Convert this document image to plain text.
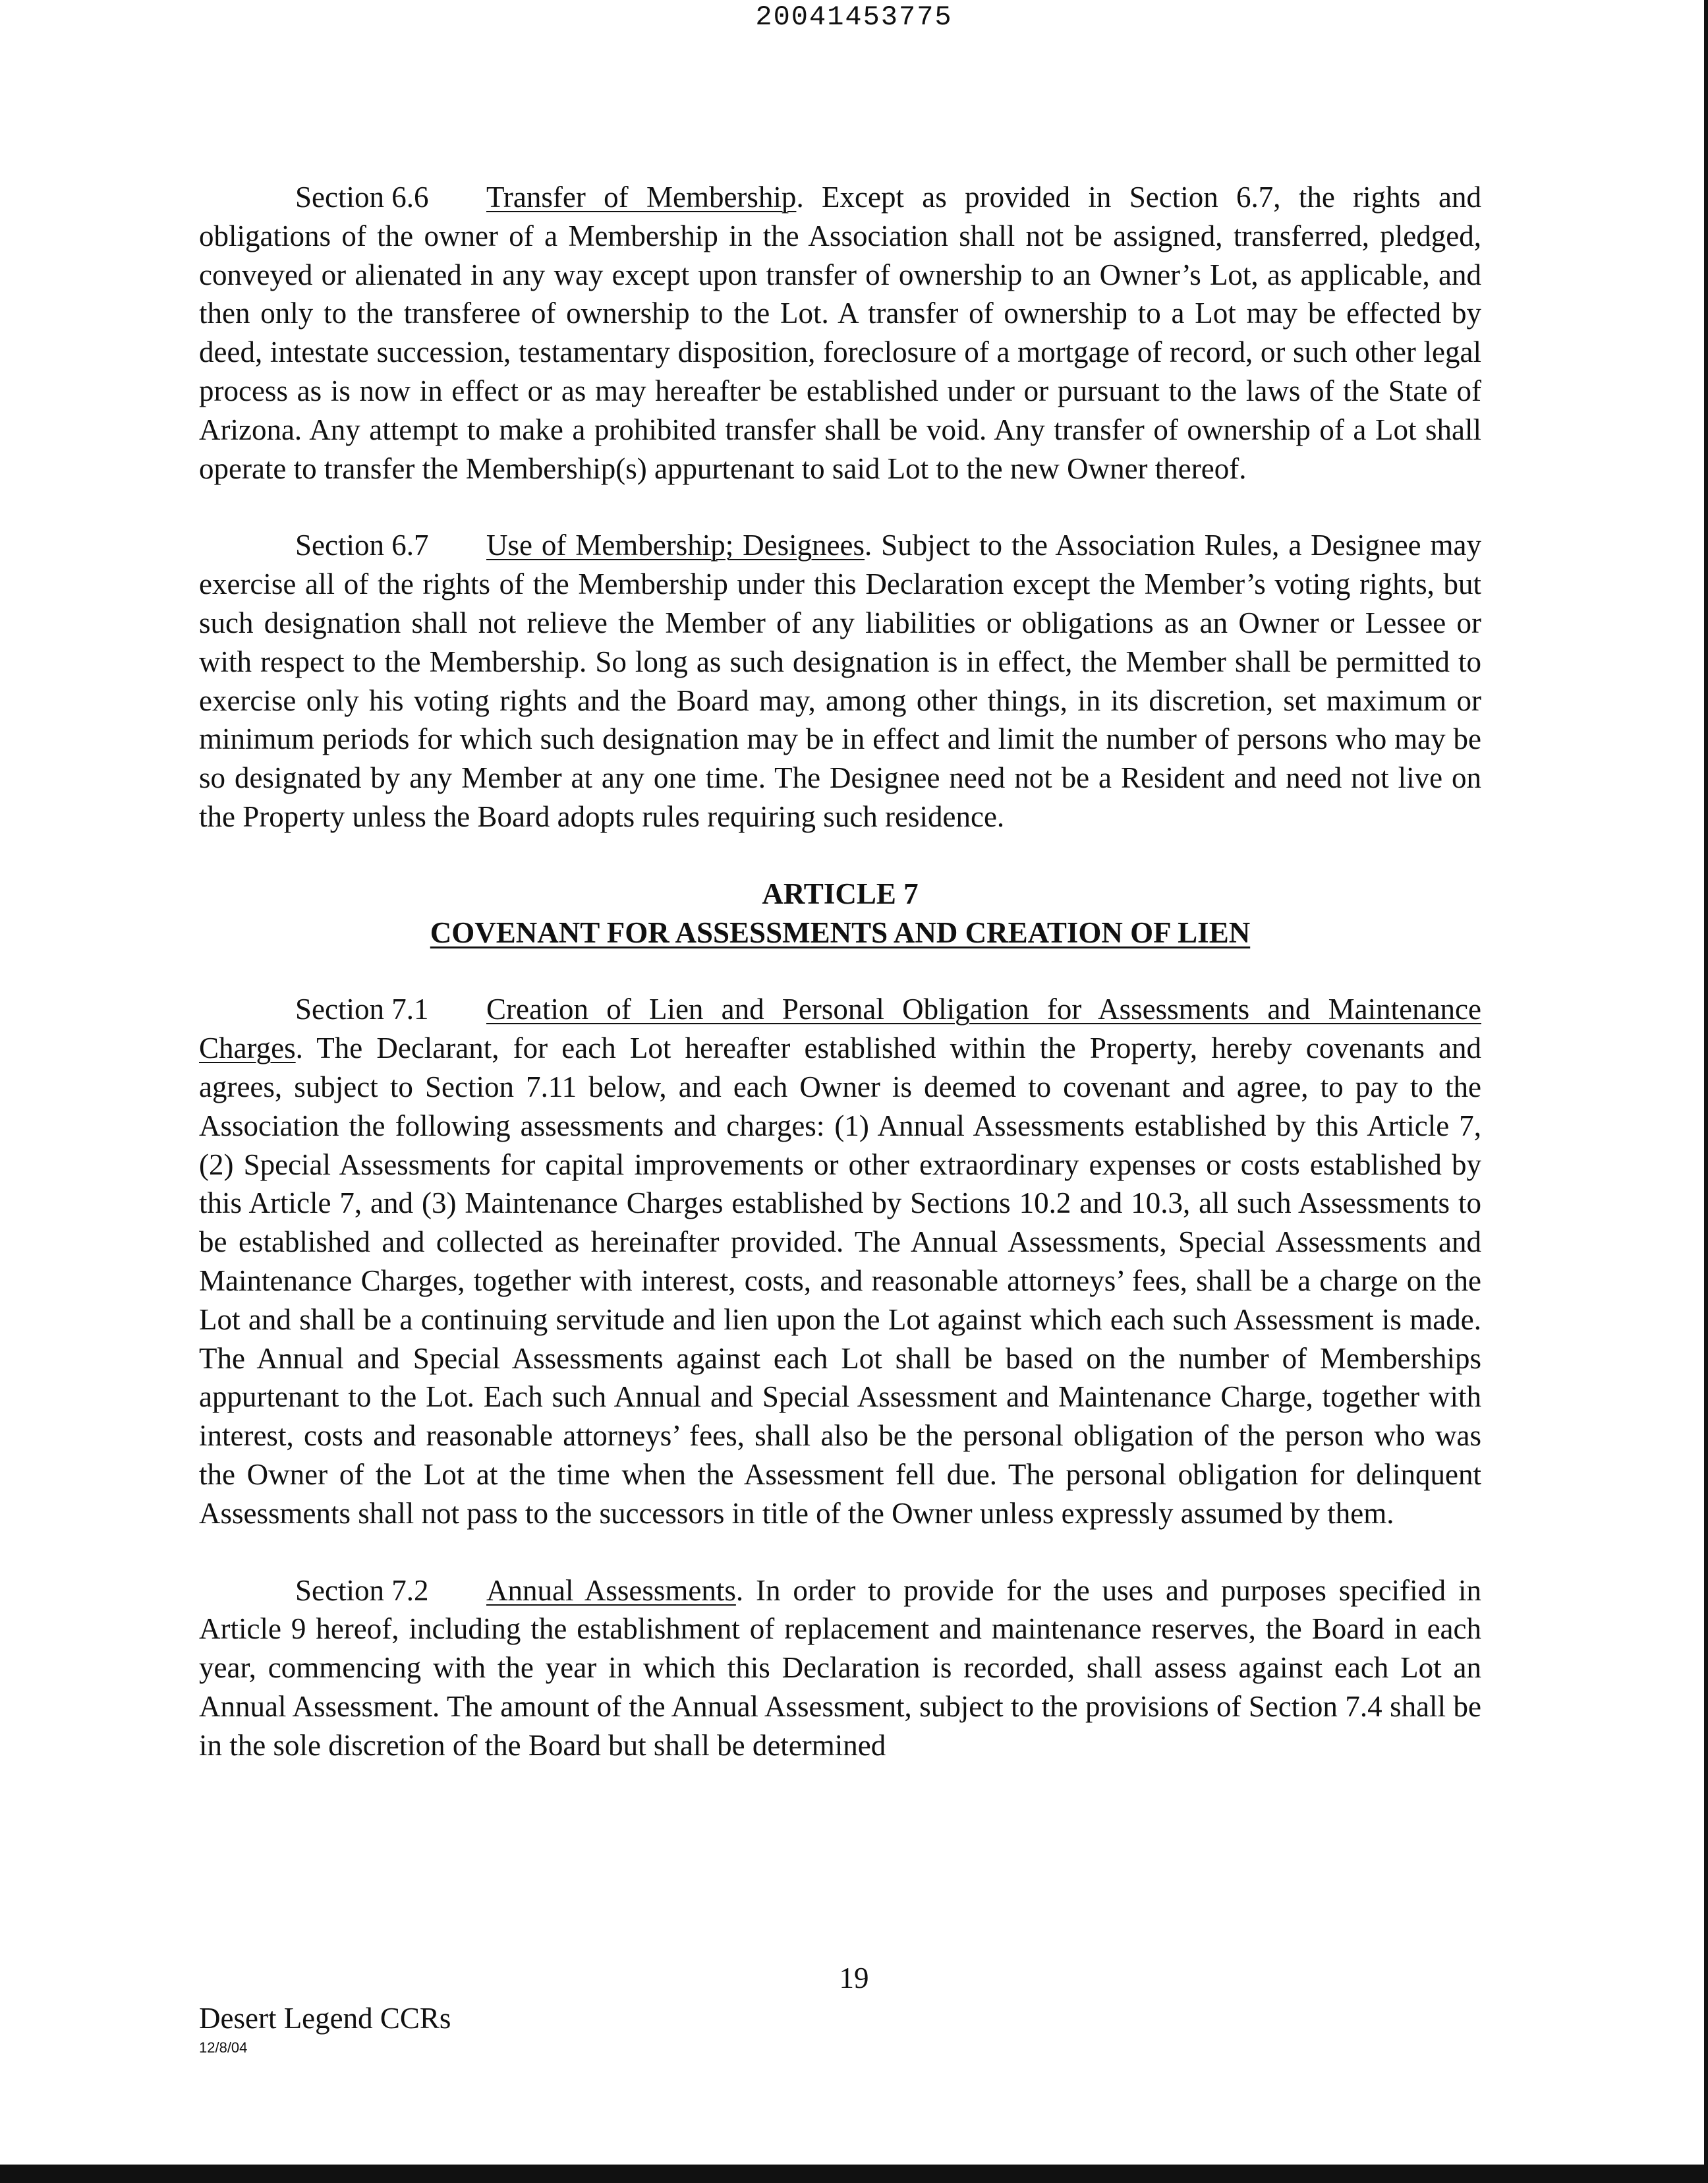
20041453775

Section 6.6 Transfer of Membership. Except as provided in Section 6.7, the rights and obligations of the owner of a Membership in the Association shall not be assigned, transferred, pledged, conveyed or alienated in any way except upon transfer of ownership to an Owner’s Lot, as applicable, and then only to the transferee of ownership to the Lot. A transfer of ownership to a Lot may be effected by deed, intestate succession, testamentary disposition, foreclosure of a mortgage of record, or such other legal process as is now in effect or as may hereafter be established under or pursuant to the laws of the State of Arizona. Any attempt to make a prohibited transfer shall be void. Any transfer of ownership of a Lot shall operate to transfer the Membership(s) appurtenant to said Lot to the new Owner thereof.

Section 6.7 Use of Membership; Designees. Subject to the Association Rules, a Designee may exercise all of the rights of the Membership under this Declaration except the Member’s voting rights, but such designation shall not relieve the Member of any liabilities or obligations as an Owner or Lessee or with respect to the Membership. So long as such designation is in effect, the Member shall be permitted to exercise only his voting rights and the Board may, among other things, in its discretion, set maximum or minimum periods for which such designation may be in effect and limit the number of persons who may be so designated by any Member at any one time. The Designee need not be a Resident and need not live on the Property unless the Board adopts rules requiring such residence.

ARTICLE 7
COVENANT FOR ASSESSMENTS AND CREATION OF LIEN

Section 7.1 Creation of Lien and Personal Obligation for Assessments and Maintenance Charges. The Declarant, for each Lot hereafter established within the Property, hereby covenants and agrees, subject to Section 7.11 below, and each Owner is deemed to covenant and agree, to pay to the Association the following assessments and charges: (1) Annual Assessments established by this Article 7, (2) Special Assessments for capital improvements or other extraordinary expenses or costs established by this Article 7, and (3) Maintenance Charges established by Sections 10.2 and 10.3, all such Assessments to be established and collected as hereinafter provided. The Annual Assessments, Special Assessments and Maintenance Charges, together with interest, costs, and reasonable attorneys’ fees, shall be a charge on the Lot and shall be a continuing servitude and lien upon the Lot against which each such Assessment is made. The Annual and Special Assessments against each Lot shall be based on the number of Memberships appurtenant to the Lot. Each such Annual and Special Assessment and Maintenance Charge, together with interest, costs and reasonable attorneys’ fees, shall also be the personal obligation of the person who was the Owner of the Lot at the time when the Assessment fell due. The personal obligation for delinquent Assessments shall not pass to the successors in title of the Owner unless expressly assumed by them.

Section 7.2 Annual Assessments. In order to provide for the uses and purposes specified in Article 9 hereof, including the establishment of replacement and maintenance reserves, the Board in each year, commencing with the year in which this Declaration is recorded, shall assess against each Lot an Annual Assessment. The amount of the Annual Assessment, subject to the provisions of Section 7.4 shall be in the sole discretion of the Board but shall be determined

19
Desert Legend CCRs
12/8/04
